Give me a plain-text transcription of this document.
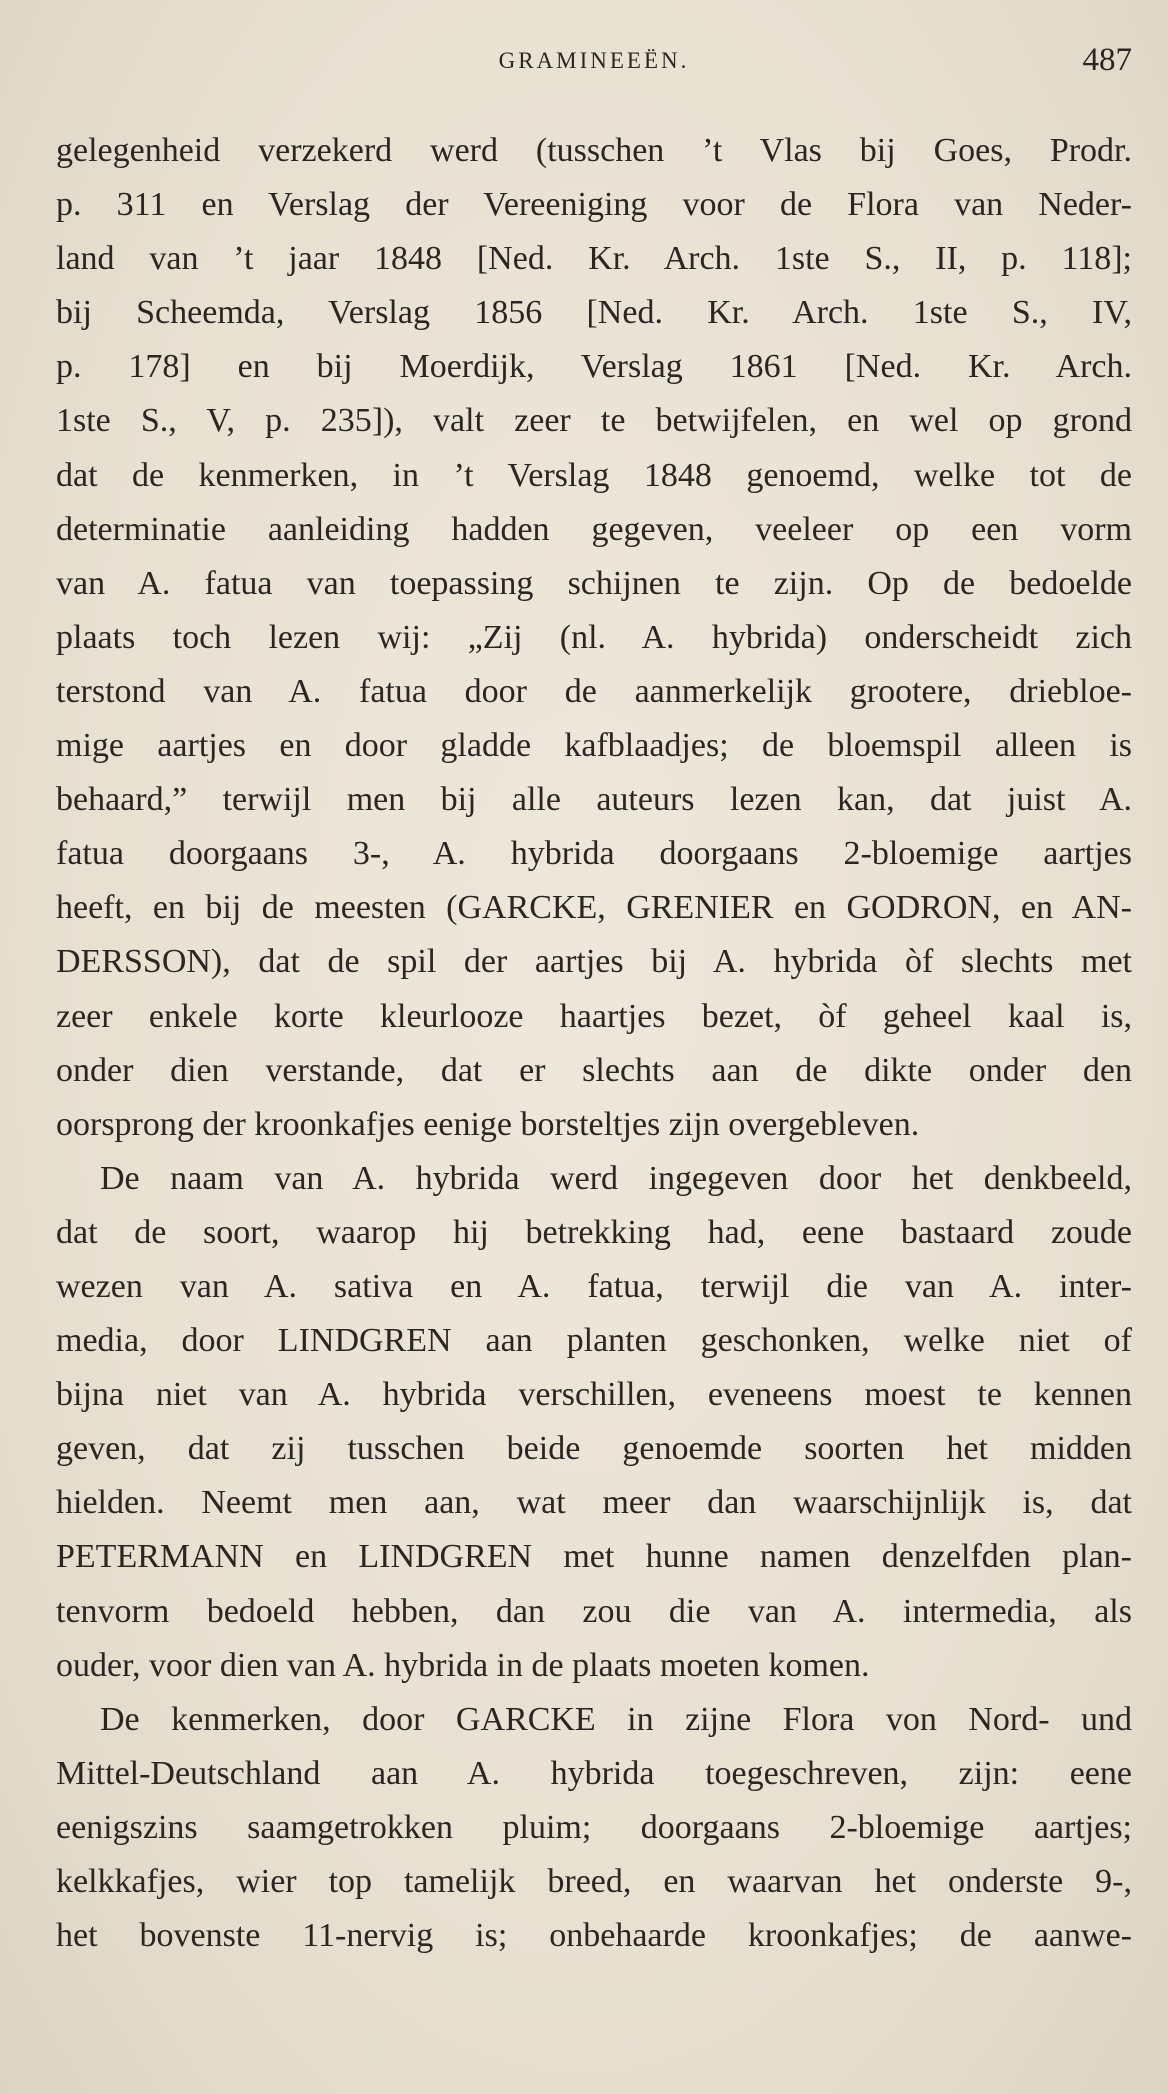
GRAMINEEËN.	487
gelegenheid verzekerd werd (tusschen ’t Vlas bij Goes, Prodr.
p. 311 en Verslag der Vereeniging voor de Flora van Neder-
land van ’t jaar 1848 [Ned. Kr. Arch. 1ste S., II, p. 118];
bij Scheemda, Verslag 1856 [Ned. Kr. Arch. 1ste S., IV,
p. 178] en bij Moerdijk, Verslag 1861 [Ned. Kr. Arch.
1ste S., V, p. 235]), valt zeer te betwijfelen, en wel op grond
dat de kenmerken, in ’t Verslag 1848 genoemd, welke tot de
determinatie aanleiding hadden gegeven, veeleer op een vorm
van A. fatua van toepassing schijnen te zijn. Op de bedoelde
plaats toch lezen wij: „Zij (nl. A. hybrida) onderscheidt zich
terstond van A. fatua door de aanmerkelijk grootere, driebloe-
mige aartjes en door gladde kafblaadjes; de bloemspil alleen is
behaard,” terwijl men bij alle auteurs lezen kan, dat juist A.
fatua doorgaans 3-, A. hybrida doorgaans 2-bloemige aartjes
heeft, en bij de meesten (GARCKE, GRENIER en GODRON, en AN-
DERSSON), dat de spil der aartjes bij A. hybrida òf slechts met
zeer enkele korte kleurlooze haartjes bezet, òf geheel kaal is,
onder dien verstande, dat er slechts aan de dikte onder den
oorsprong der kroonkafjes eenige borsteltjes zijn overgebleven.
De naam van A. hybrida werd ingegeven door het denkbeeld,
dat de soort, waarop hij betrekking had, eene bastaard zoude
wezen van A. sativa en A. fatua, terwijl die van A. inter-
media, door LINDGREN aan planten geschonken, welke niet of
bijna niet van A. hybrida verschillen, eveneens moest te kennen
geven, dat zij tusschen beide genoemde soorten het midden
hielden. Neemt men aan, wat meer dan waarschijnlijk is, dat
PETERMANN en LINDGREN met hunne namen denzelfden plan-
tenvorm bedoeld hebben, dan zou die van A. intermedia, als
ouder, voor dien van A. hybrida in de plaats moeten komen.
De kenmerken, door GARCKE in zijne Flora von Nord- und
Mittel-Deutschland aan A. hybrida toegeschreven, zijn: eene
eenigszins saamgetrokken pluim; doorgaans 2-bloemige aartjes;
kelkkafjes, wier top tamelijk breed, en waarvan het onderste 9-,
het bovenste 11-nervig is; onbehaarde kroonkafjes; de aanwe-
